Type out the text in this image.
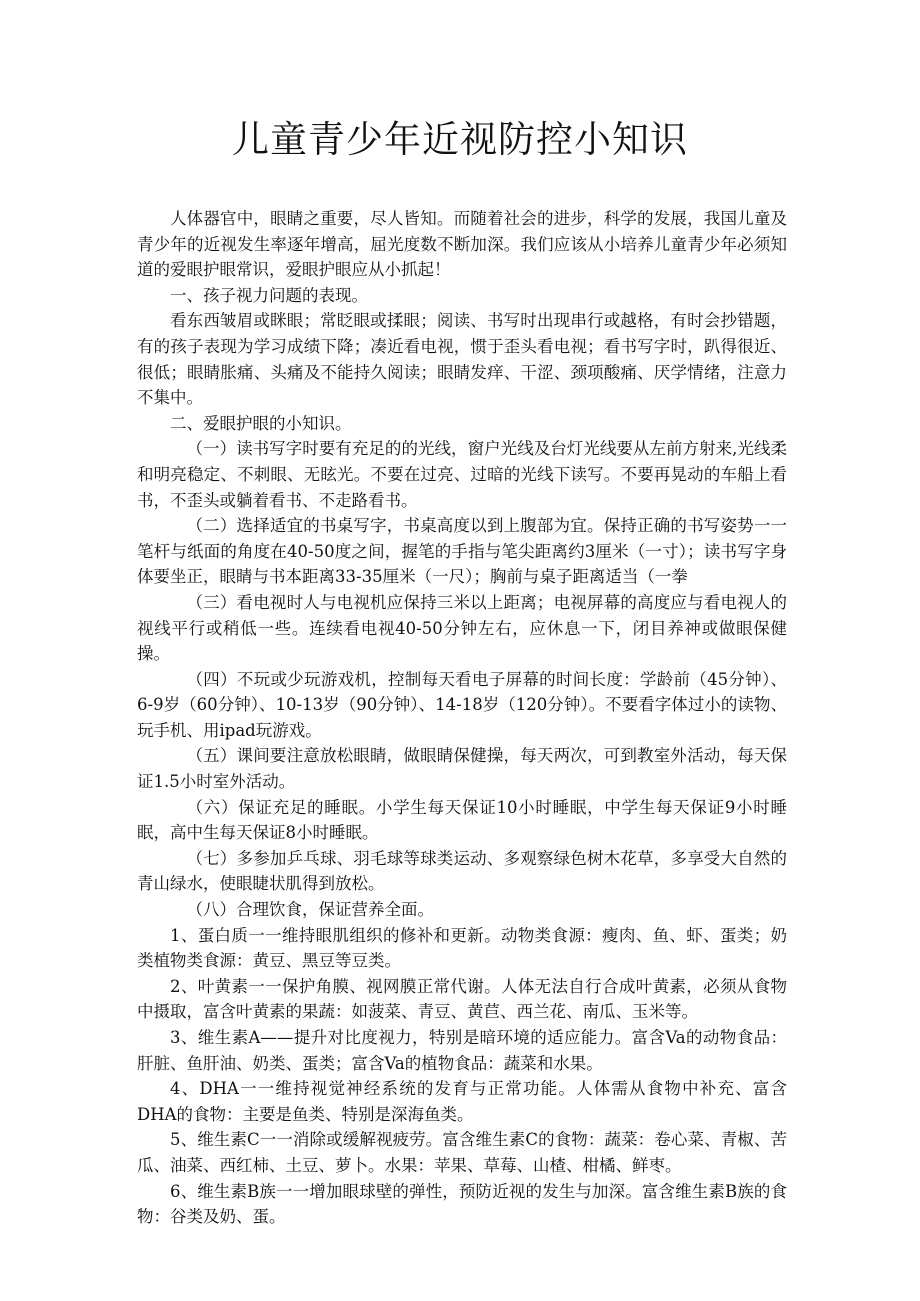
儿童青少年近视防控小知识

人体器官中，眼睛之重要，尽人皆知。而随着社会的进步，科学的发展，我国儿童及青少年的近视发生率逐年增高，屈光度数不断加深。我们应该从小培养儿童青少年必须知道的爱眼护眼常识，爱眼护眼应从小抓起！

一、孩子视力问题的表现。

看东西皱眉或眯眼；常眨眼或揉眼；阅读、书写时出现串行或越格，有时会抄错题，有的孩子表现为学习成绩下降；凑近看电视，惯于歪头看电视；看书写字时，趴得很近、很低；眼睛胀痛、头痛及不能持久阅读；眼睛发痒、干涩、颈项酸痛、厌学情绪，注意力不集中。

二、爱眼护眼的小知识。

（一）读书写字时要有充足的的光线，窗户光线及台灯光线要从左前方射来,光线柔和明亮稳定、不刺眼、无眩光。不要在过亮、过暗的光线下读写。不要再晃动的车船上看书，不歪头或躺着看书、不走路看书。

（二）选择适宜的书桌写字，书桌高度以到上腹部为宜。保持正确的书写姿势一一笔杆与纸面的角度在40-50度之间，握笔的手指与笔尖距离约3厘米（一寸）；读书写字身体要坐正，眼睛与书本距离33-35厘米（一尺）；胸前与桌子距离适当（一拳

（三）看电视时人与电视机应保持三米以上距离；电视屏幕的高度应与看电视人的视线平行或稍低一些。连续看电视40-50分钟左右，应休息一下，闭目养神或做眼保健操。

（四）不玩或少玩游戏机，控制每天看电子屏幕的时间长度：学龄前（45分钟）、6-9岁（60分钟）、10-13岁（90分钟）、14-18岁（120分钟）。不要看字体过小的读物、玩手机、用ipad玩游戏。

（五）课间要注意放松眼睛，做眼睛保健操，每天两次，可到教室外活动，每天保证1.5小时室外活动。

（六）保证充足的睡眠。小学生每天保证10小时睡眠，中学生每天保证9小时睡眠，高中生每天保证8小时睡眠。

（七）多参加乒乓球、羽毛球等球类运动、多观察绿色树木花草，多享受大自然的青山绿水，使眼睫状肌得到放松。

（八）合理饮食，保证营养全面。

1、蛋白质一一维持眼肌组织的修补和更新。动物类食源：瘦肉、鱼、虾、蛋类；奶类植物类食源：黄豆、黑豆等豆类。

2、叶黄素一一保护角膜、视网膜正常代谢。人体无法自行合成叶黄素，必须从食物中摄取，富含叶黄素的果蔬：如菠菜、青豆、黄苣、西兰花、南瓜、玉米等。

3、维生素A——提升对比度视力，特别是暗环境的适应能力。富含Va的动物食品：肝脏、鱼肝油、奶类、蛋类；富含Va的植物食品：蔬菜和水果。

4、DHA一一维持视觉神经系统的发育与正常功能。人体需从食物中补充、富含DHA的食物：主要是鱼类、特别是深海鱼类。

5、维生素C一一消除或缓解视疲劳。富含维生素C的食物：蔬菜：卷心菜、青椒、苦瓜、油菜、西红柿、土豆、萝卜。水果：苹果、草莓、山楂、柑橘、鲜枣。

6、维生素B族一一增加眼球壁的弹性，预防近视的发生与加深。富含维生素B族的食物：谷类及奶、蛋。
